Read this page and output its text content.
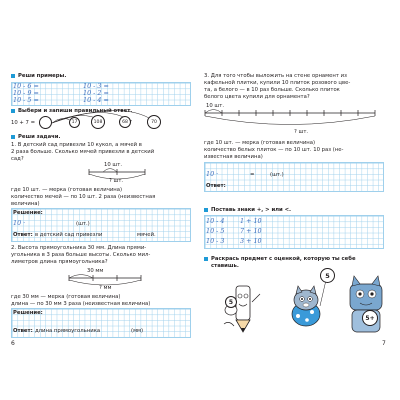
Реши примеры.
10 - 6 =	10 - 3 =
10 - 9 =	10 - 2 =
10 - 5 =	10 - 4 =
Выбери и запиши правильный ответ.
10 + 7 =	17	108	68	70
Реши задачи.
1. В детский сад привезли 10 кукол, а мячей в
2 раза больше. Сколько мячей привезли в детский
сад?
10 шт.
? шт.
где 10 шт. — мерка (готовая величина)
количество мечей — по 10 шт. 2 раза (неизвестная
величина)
Решение:
10 ·	(шт.)
Ответ: в детский сад привезли	мячей.
2. Высота прямоугольника 30 мм. Длина прями-
угольника в 3 раза больше высоты. Сколько мил-
лиметров длина прямоугольника?
30 мм
? мм
где 30 мм — мерка (готовая величина)
длина — по 30 мм 3 раза (неизвестная величина)
Решение:
Ответ: длина прямоугольника	(мм)
6
3. Для того чтобы выложить на стене орнамент из
кафельной плитки, купили 10 плиток розового цве-
та, а белого — в 10 раз больше. Сколько плиток
белого цвета купили для орнамента?
10 шт.
? шт.
где 10 шт. — мерка (готовая величина)
количество белых плиток — по 10 шт. 10 раз (не-
известная величина)
10 ·	=	(шт.)
Ответ:
Поставь знаки +, > или <.
10 - 4 1 + 10
10 - 5 7 + 10
10 - 3 3 + 10
Раскрась предмет с оценкой, которую ты себе
ставишь.
5
5
5+
7
